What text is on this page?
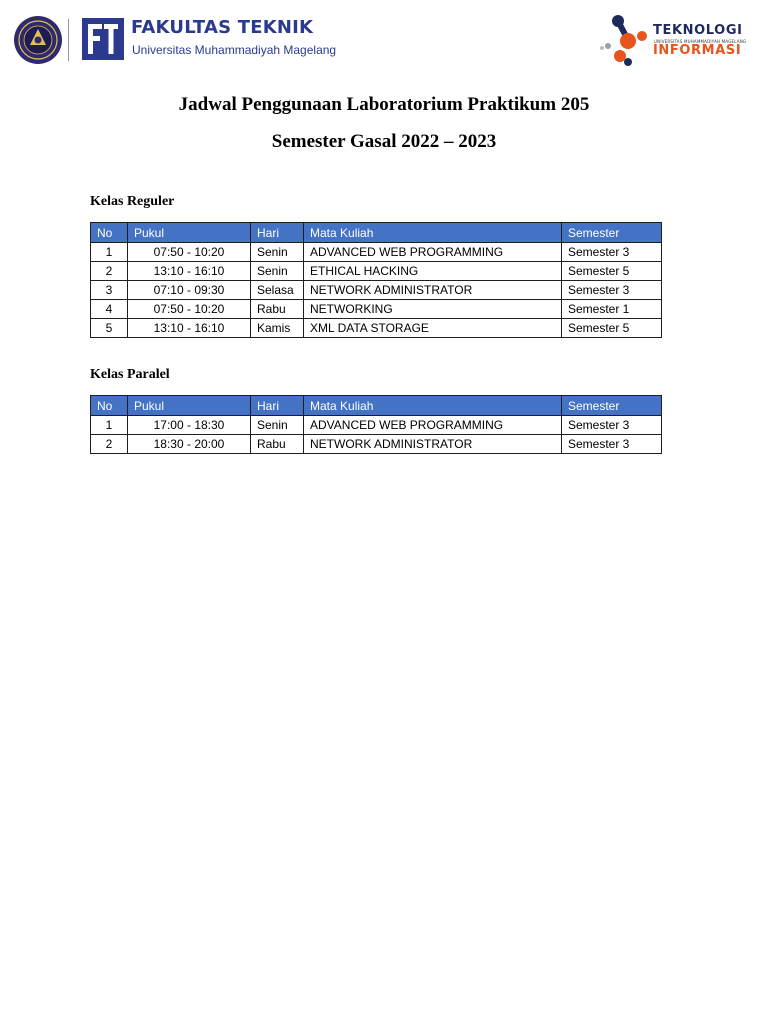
FAKULTAS TEKNIK
Universitas Muhammadiyah Magelang
TEKNOLOGI
UNIVERSITAS MUHAMMADIYAH MAGELANG
INFORMASI
Jadwal Penggunaan Laboratorium Praktikum 205
Semester Gasal 2022 – 2023
Kelas Reguler
No	Pukul	Hari	Mata Kuliah	Semester
1	07:50 - 10:20	Senin	ADVANCED WEB PROGRAMMING	Semester 3
2	13:10 - 16:10	Senin	ETHICAL HACKING	Semester 5
3	07:10 - 09:30	Selasa	NETWORK ADMINISTRATOR	Semester 3
4	07:50 - 10:20	Rabu	NETWORKING	Semester 1
5	13:10 - 16:10	Kamis	XML DATA STORAGE	Semester 5
Kelas Paralel
No	Pukul	Hari	Mata Kuliah	Semester
1	17:00 - 18:30	Senin	ADVANCED WEB PROGRAMMING	Semester 3
2	18:30 - 20:00	Rabu	NETWORK ADMINISTRATOR	Semester 3
